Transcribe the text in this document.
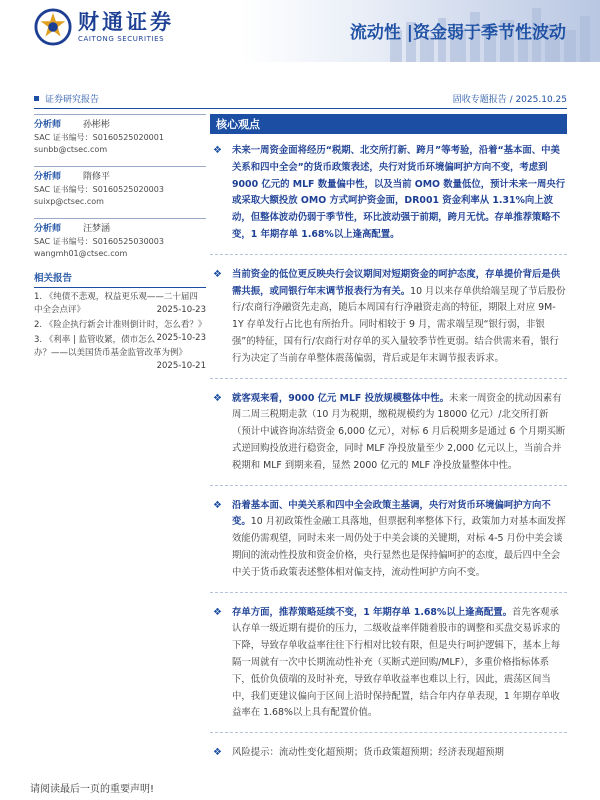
财通证券
CAITONG SECURITIES	流动性 |资金弱于季节性波动
证券研究报告	固收专题报告 / 2025.10.25
分析师	孙彬彬
SAC 证书编号：S0160525020001
sunbb@ctsec.com
分析师	隋修平
SAC 证书编号：S0160525020003
suixp@ctsec.com
分析师	汪梦涵
SAC 证书编号：S0160525030003
wangmh01@ctsec.com
相关报告
1. 《纯债不悲观，权益更乐观——二十届四中全会点评》	2025-10-23
2. 《险企执行新会计准则倒计时，怎么看？》
2025-10-23
3. 《利率 | 监管收紧，债市怎么办？——以美国货币基金监管改革为例》
2025-10-21
核心观点
❖ 未来一周资金面将经历“税期、北交所打新、跨月”等考验，沿着“基本面、中美关系和四中全会”的货币政策表述，央行对货币环境偏呵护方向不变，考虑到 9000 亿元的 MLF 数量偏中性，以及当前 OMO 数量低位，预计未来一周央行或采取大额投放 OMO 方式呵护资金面，DR001 资金利率从 1.31%向上波动，但整体波动仍弱于季节性，环比波动强于前期，跨月无忧。存单推荐策略不变，1 年期存单 1.68%以上逢高配置。
❖ 当前资金的低位更反映央行会议期间对短期资金的呵护态度，存单提价背后是供需共振，或同银行年末调节报表行为有关。10 月以来存单供给端呈现了节后股份行/农商行净融资先走高，随后本周国有行净融资走高的特征，期限上对应 9M-1Y 存单发行占比也有所抬升。同时相较于 9 月，需求端呈现“银行弱，非银强”的特征，国有行/农商行对存单的买入量较季节性更弱。结合供需来看，银行行为决定了当前存单整体震荡偏弱，背后或是年末调节报表诉求。
❖ 就客观来看，9000 亿元 MLF 投放规模整体中性。未来一周资金的扰动因素有周二周三税期走款（10 月为税期，缴税规模约为 18000 亿元）/北交所打新（预计中诚咨询冻结资金 6,000 亿元），对标 6 月后税期多是通过 6 个月期买断式逆回购投放进行稳资金，同时 MLF 净投放量至少 2,000 亿元以上，当前合并税期和 MLF 到期来看，显然 2000 亿元的 MLF 净投放量整体中性。
❖ 沿着基本面、中美关系和四中全会政策主基调，央行对货币环境偏呵护方向不变。10 月初政策性金融工具落地，但票据利率整体下行，政策加力对基本面发挥效能仍需观望，同时未来一周仍处于中美会谈的关键期，对标 4-5 月份中美会谈期间的流动性投放和资金价格，央行显然也是保持偏呵护的态度，最后四中全会中关于货币政策表述整体相对偏支持，流动性呵护方向不变。
❖ 存单方面，推荐策略延续不变，1 年期存单 1.68%以上逢高配置。首先客观承认存单一级近期有提价的压力，二级收益率伴随着股市的调整和买盘交易诉求的下降，导致存单收益率往往下行相对比较有限，但是央行呵护逻辑下，基本上每隔一周就有一次中长期流动性补充（买断式逆回购/MLF），多重价格指标体系下，低价负债端的及时补充，导致存单收益率也难以上行，因此，震荡区间当中，我们更建议偏向于区间上沿时保持配置，结合年内存单表现，1 年期存单收益率在 1.68%以上具有配置价值。
❖ 风险提示：流动性变化超预期；货币政策超预期；经济表现超预期
请阅读最后一页的重要声明!
